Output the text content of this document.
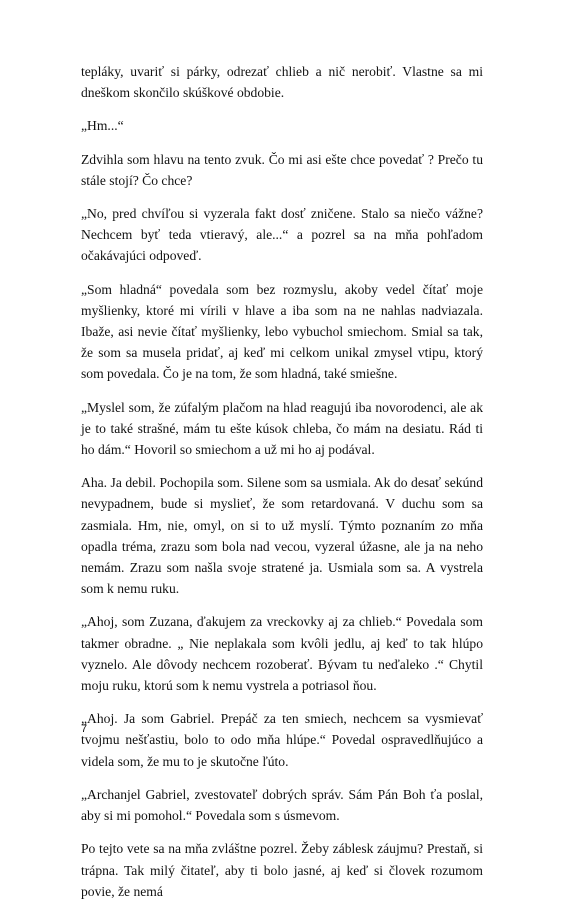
tepláky, uvariť si párky, odrezať chlieb a nič nerobiť. Vlastne sa mi dneškom skončilo skúškové obdobie.

„Hm...“

Zdvihla som hlavu na tento zvuk. Čo mi asi ešte chce povedať ? Prečo tu stále stojí? Čo chce?

„No, pred chvíľou si vyzerala fakt dosť zničene. Stalo sa niečo vážne? Nechcem byť teda vtieravý, ale...“ a pozrel sa na mňa pohľadom očakávajúci odpoveď.

„Som hladná“ povedala som bez rozmyslu, akoby vedel čítať moje myšlienky, ktoré mi vírili v hlave a iba som na ne nahlas nadviazala. Ibaže, asi nevie čítať myšlienky, lebo vybuchol smiechom. Smial sa tak, že som sa musela pridať, aj keď mi celkom unikal zmysel vtipu, ktorý som povedala. Čo je na tom, že som hladná, také smiešne.

„Myslel som, že zúfalým plačom na hlad reagujú iba novorodenci, ale ak je to také strašné, mám tu ešte kúsok chleba, čo mám na desiatu. Rád ti ho dám.“ Hovoril so smiechom a už mi ho aj podával.

Aha. Ja debil. Pochopila som. Silene som sa usmiala. Ak do desať sekúnd nevypadnem, bude si myslieť, že som retardovaná. V duchu som sa zasmiala. Hm, nie, omyl, on si to už myslí. Týmto poznaním zo mňa opadla tréma, zrazu som bola nad vecou, vyzeral úžasne, ale ja na neho nemám. Zrazu som našla svoje stratené ja. Usmiala som sa. A vystrela som k nemu ruku.

„Ahoj, som Zuzana, ďakujem za vreckovky aj za chlieb.“ Povedala som takmer obradne. „ Nie neplakala som kvôli jedlu, aj keď to tak hlúpo vyznelo. Ale dôvody nechcem rozoberať. Bývam tu neďaleko .“ Chytil moju ruku, ktorú som k nemu vystrela a potriasol ňou.

„Ahoj. Ja som Gabriel. Prepáč za ten smiech, nechcem sa vysmievať tvojmu nešťastiu, bolo to odo mňa hlúpe.“ Povedal ospravedlňujúco a videla som, že mu to je skutočne ľúto.

„Archanjel Gabriel, zvestovateľ dobrých správ. Sám Pán Boh ťa poslal, aby si mi pomohol.“ Povedala som s úsmevom.

Po tejto vete sa na mňa zvláštne pozrel. Žeby záblesk záujmu? Prestaň, si trápna. Tak milý čitateľ, aby ti bolo jasné, aj keď si človek rozumom povie, že nemá

7
